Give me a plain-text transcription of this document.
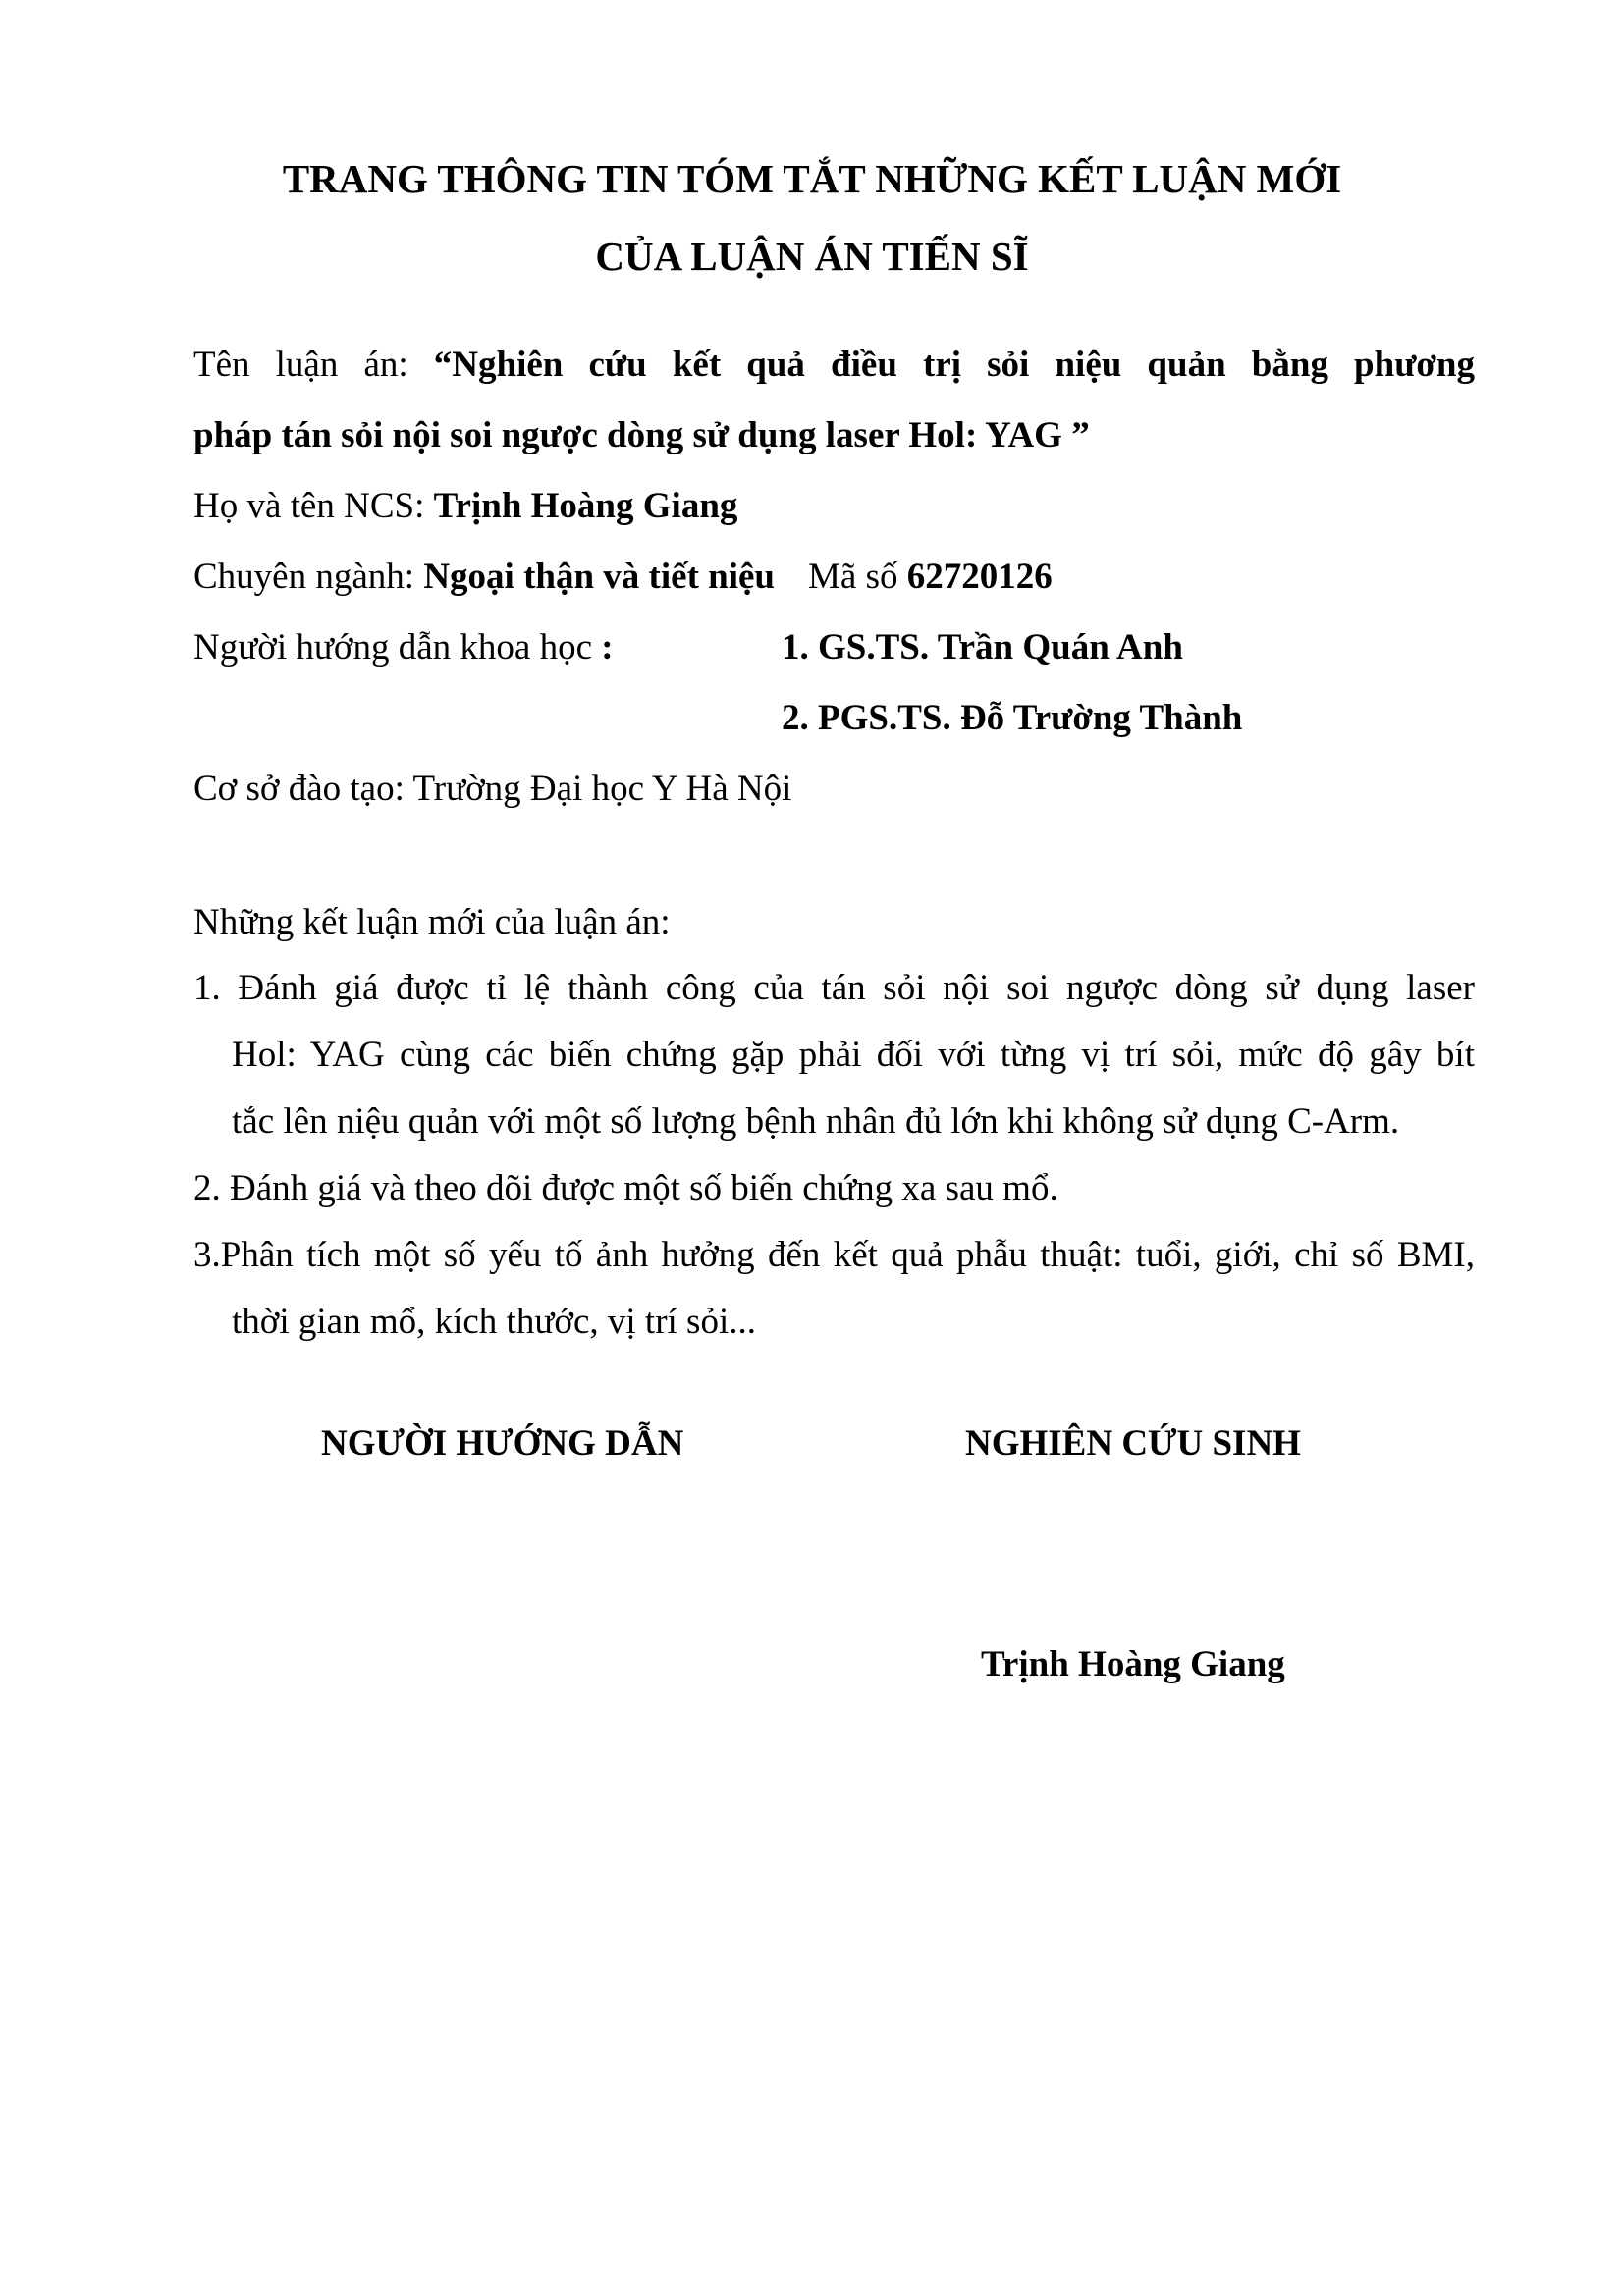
TRANG THÔNG TIN TÓM TẮT NHỮNG KẾT LUẬN MỚI
CỦA LUẬN ÁN TIẾN SĨ

Tên luận án: “Nghiên cứu kết quả điều trị sỏi niệu quản bằng phương

pháp tán sỏi nội soi ngược dòng sử dụng laser Hol: YAG ”

Họ và tên NCS: Trịnh Hoàng Giang

Chuyên ngành: Ngoại thận và tiết niệu Mã số 62720126

Người hướng dẫn khoa học :	1. GS.TS. Trần Quán Anh

2. PGS.TS. Đỗ Trường Thành

Cơ sở đào tạo: Trường Đại học Y Hà Nội

Những kết luận mới của luận án:

1. Đánh giá được tỉ lệ thành công của tán sỏi nội soi ngược dòng sử dụng laser

Hol: YAG cùng các biến chứng gặp phải đối với từng vị trí sỏi, mức độ gây bít

tắc lên niệu quản với một số lượng bệnh nhân đủ lớn khi không sử dụng C-Arm.

2. Đánh giá và theo dõi được một số biến chứng xa sau mổ.

3.Phân tích một số yếu tố ảnh hưởng đến kết quả phẫu thuật: tuổi, giới, chỉ số BMI,

thời gian mổ, kích thước, vị trí sỏi...

NGƯỜI HƯỚNG DẪN	NGHIÊN CỨU SINH

Trịnh Hoàng Giang
